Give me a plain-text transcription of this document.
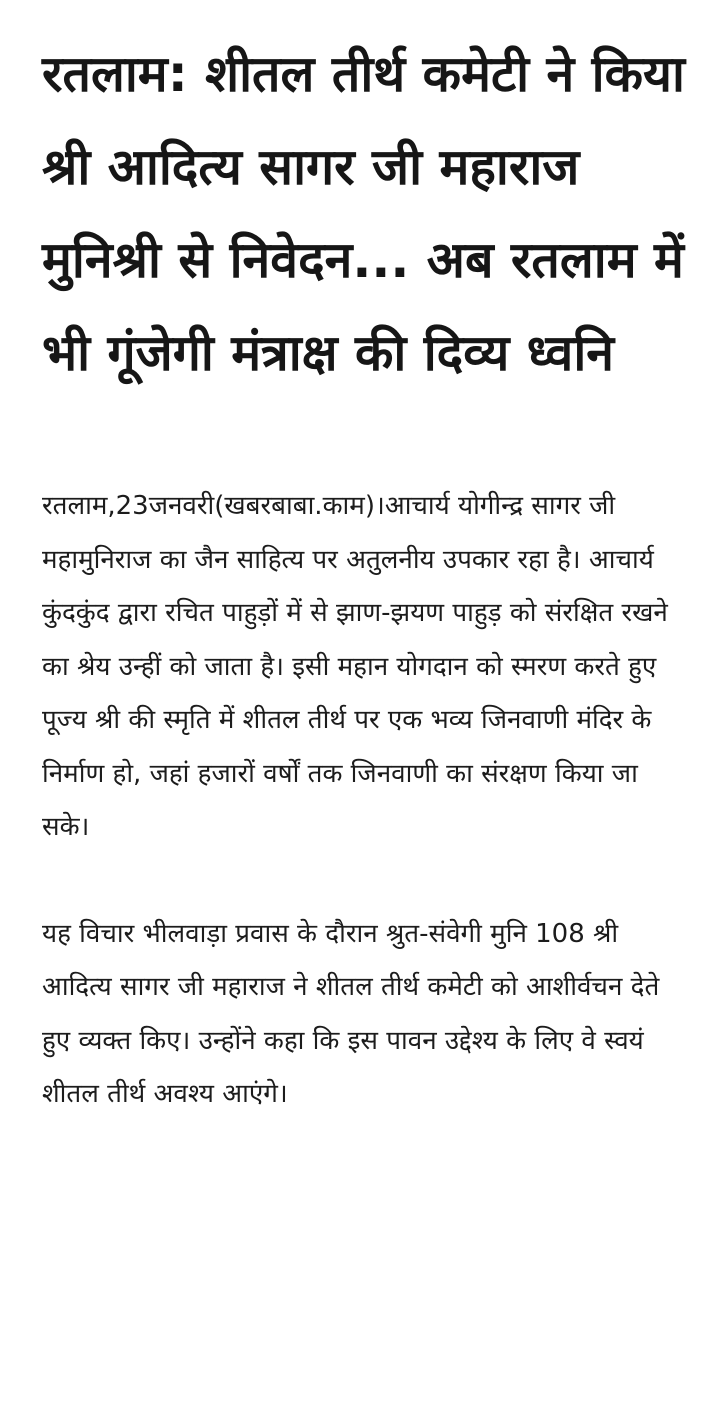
रतलाम: शीतल तीर्थ कमेटी ने किया श्री आदित्य सागर जी महाराज मुनिश्री से निवेदन... अब रतलाम में भी गूंजेगी मंत्राक्ष की दिव्य ध्वनि

रतलाम,23जनवरी(खबरबाबा.काम)।आचार्य योगीन्द्र सागर जी महामुनिराज का जैन साहित्य पर अतुलनीय उपकार रहा है। आचार्य कुंदकुंद द्वारा रचित पाहुड़ों में से झाण-झयण पाहुड़ को संरक्षित रखने का श्रेय उन्हीं को जाता है। इसी महान योगदान को स्मरण करते हुए पूज्य श्री की स्मृति में शीतल तीर्थ पर एक भव्य जिनवाणी मंदिर के निर्माण हो, जहां हजारों वर्षों तक जिनवाणी का संरक्षण किया जा सके।

यह विचार भीलवाड़ा प्रवास के दौरान श्रुत-संवेगी मुनि 108 श्री आदित्य सागर जी महाराज ने शीतल तीर्थ कमेटी को आशीर्वचन देते हुए व्यक्त किए। उन्होंने कहा कि इस पावन उद्देश्य के लिए वे स्वयं शीतल तीर्थ अवश्य आएंगे।
